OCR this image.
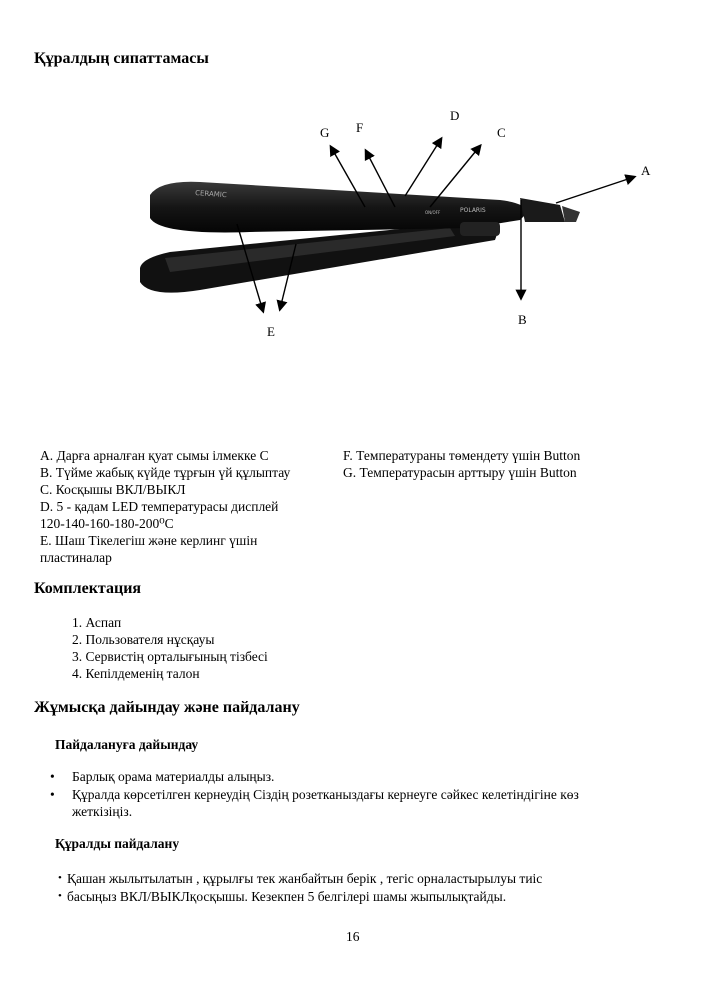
Құралдың сипаттамасы
CERAMIC
POLARIS
ON/OFF
G F
D
C
A
B
E
A. Дарға арналған қуат сымы ілмекке C
B. Түйме жабық күйде тұрғын үй құлыптау
C. Косқышы ВКЛ/ВЫКЛ
D. 5 - қадам LED температурасы дисплей
120-140-160-180-200⁰C
E. Шаш Тікелегіш және керлинг үшін
пластиналар
F. Температураны төмендету үшін Button
G. Температурасын арттыру үшін Button
Комплектация
1. Аспап
2. Пользователя нұсқауы
3. Сервистің орталығының тізбесі
4. Кепілдеменің талон
Жұмысқа дайындау және пайдалану
Пайдалануға дайындау
• Барлық орама материалды алыңыз.
• Құралда көрсетілген кернеудің Сіздің розетканыздағы кернеуге сәйкес келетіндігіне көз
жеткізіңіз.
Құралды пайдалану
• Қашан жылытылатын , құрылғы тек жанбайтын берік , тегіс орналастырылуы тиіс
• басыңыз ВКЛ/ВЫКЛқосқышы. Кезекпен 5 белгілері шамы жыпылықтайды.
16
